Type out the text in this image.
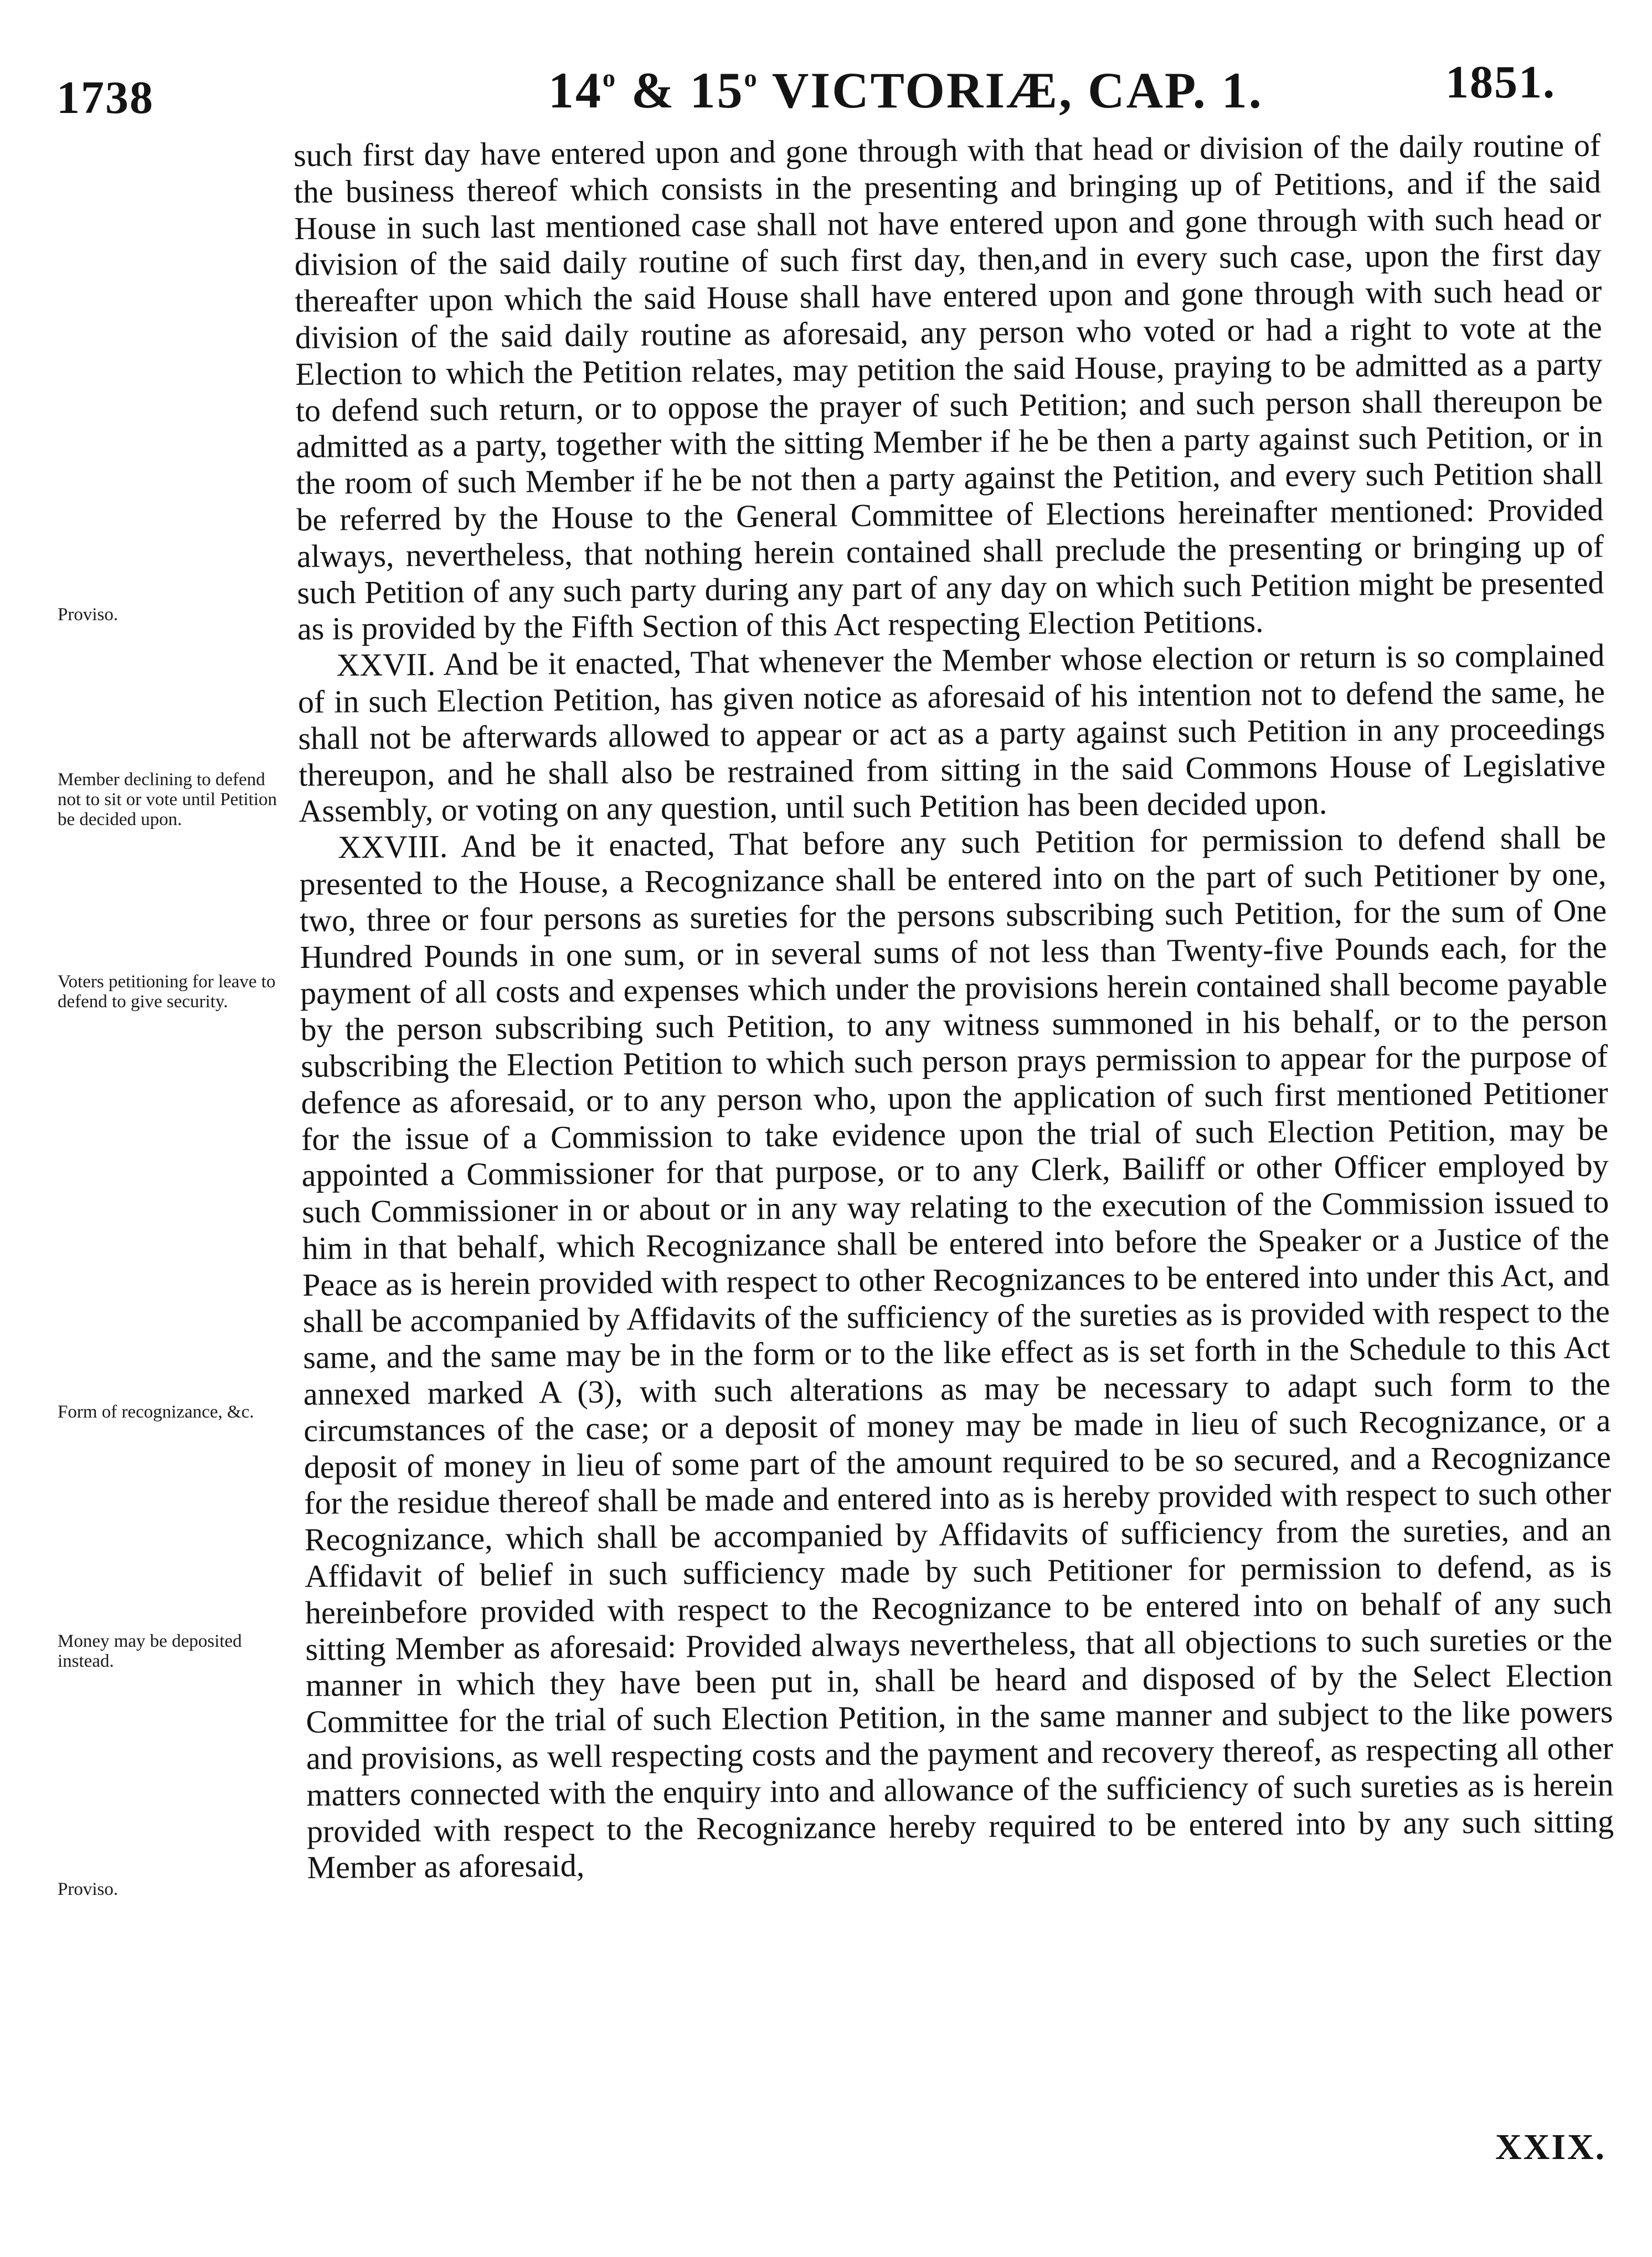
1738	14$^o$ & 15$^o$ VICTORIÆ, CAP. 1.	1851.
Proviso.
Member declining to defend not to sit or vote until Petition be decided upon.
Voters petitioning for leave to defend to give security.
Form of recognizance, &c.
Money may be deposited instead.
Proviso.

such first day have entered upon and gone through with that head or division of the daily routine of the business thereof which consists in the presenting and bringing up of Petitions, and if the said House in such last mentioned case shall not have entered upon and gone through with such head or division of the said daily routine of such first day, then,and in every such case, upon the first day thereafter upon which the said House shall have entered upon and gone through with such head or division of the said daily routine as aforesaid, any person who voted or had a right to vote at the Election to which the Petition relates, may petition the said House, praying to be admitted as a party to defend such return, or to oppose the prayer of such Petition; and such person shall thereupon be admitted as a party, together with the sitting Member if he be then a party against such Petition, or in the room of such Member if he be not then a party against the Petition, and every such Petition shall be referred by the House to the General Committee of Elections hereinafter mentioned: Provided always, nevertheless, that nothing herein contained shall preclude the presenting or bringing up of such Petition of any such party during any part of any day on which such Petition might be presented as is provided by the Fifth Section of this Act respecting Election Petitions.

XXVII. And be it enacted, That whenever the Member whose election or return is so complained of in such Election Petition, has given notice as aforesaid of his intention not to defend the same, he shall not be afterwards allowed to appear or act as a party against such Petition in any proceedings thereupon, and he shall also be restrained from sitting in the said Commons House of Legislative Assembly, or voting on any question, until such Petition has been decided upon.

XXVIII. And be it enacted, That before any such Petition for permission to defend shall be presented to the House, a Recognizance shall be entered into on the part of such Petitioner by one, two, three or four persons as sureties for the persons subscribing such Petition, for the sum of One Hundred Pounds in one sum, or in several sums of not less than Twenty-five Pounds each, for the payment of all costs and expenses which under the provisions herein contained shall become payable by the person subscribing such Petition, to any witness summoned in his behalf, or to the person subscribing the Election Petition to which such person prays permission to appear for the purpose of defence as aforesaid, or to any person who, upon the application of such first mentioned Petitioner for the issue of a Commission to take evidence upon the trial of such Election Petition, may be appointed a Commissioner for that purpose, or to any Clerk, Bailiff or other Officer employed by such Commissioner in or about or in any way relating to the execution of the Commission issued to him in that behalf, which Recognizance shall be entered into before the Speaker or a Justice of the Peace as is herein provided with respect to other Recognizances to be entered into under this Act, and shall be accompanied by Affidavits of the sufficiency of the sureties as is provided with respect to the same, and the same may be in the form or to the like effect as is set forth in the Schedule to this Act annexed marked A (3), with such alterations as may be necessary to adapt such form to the circumstances of the case; or a deposit of money may be made in lieu of such Recognizance, or a deposit of money in lieu of some part of the amount required to be so secured, and a Recognizance for the residue thereof shall be made and entered into as is hereby provided with respect to such other Recognizance, which shall be accompanied by Affidavits of sufficiency from the sureties, and an Affidavit of belief in such sufficiency made by such Petitioner for permission to defend, as is hereinbefore provided with respect to the Recognizance to be entered into on behalf of any such sitting Member as aforesaid: Provided always nevertheless, that all objections to such sureties or the manner in which they have been put in, shall be heard and disposed of by the Select Election Committee for the trial of such Election Petition, in the same manner and subject to the like powers and provisions, as well respecting costs and the payment and recovery thereof, as respecting all other matters connected with the enquiry into and allowance of the sufficiency of such sureties as is herein provided with respect to the Recognizance hereby required to be entered into by any such sitting Member as aforesaid,

XXIX.
